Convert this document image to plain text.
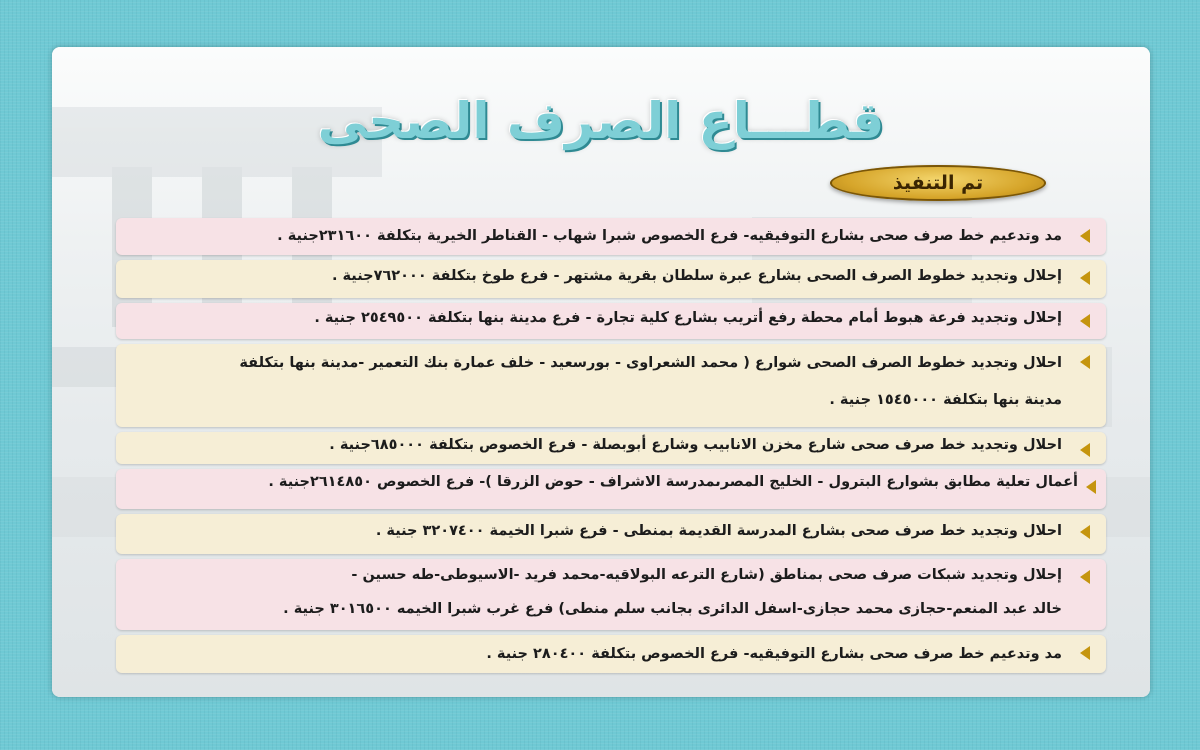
قطـــاع الصرف الصحى
تم التنفيذ
مد وتدعيم خط صرف صحى بشارع التوفيقيه- فرع الخصوص شبرا شهاب - القناطر الخيرية بتكلفة ٢٣١٦٠٠جنية .
إحلال وتجديد خطوط الصرف الصحى بشارع عبرة سلطان بقرية مشتهر - فرع طوخ بتكلفة ٧٦٢٠٠٠جنية .
إحلال وتجديد فرعة هبوط أمام محطة رفع أتريب بشارع كلية تجارة - فرع مدينة بنها بتكلفة ٢٥٤٩٥٠٠ جنية .
احلال وتجديد خطوط الصرف الصحى شوارع ( محمد الشعراوى - بورسعيد - خلف عمارة بنك التعمير -مدينة بنها بتكلفة
مدينة بنها بتكلفة ١٥٤٥٠٠٠ جنية .
احلال وتجديد خط صرف صحى شارع مخزن الانابيب وشارع أبوبصلة - فرع الخصوص بتكلفة ٦٨٥٠٠٠جنية .
أعمال تعلية مطابق بشوارع البترول - الخليج المصرىمدرسة الاشراف - حوض الزرقا )- فرع الخصوص ٢٦١٤٨٥٠جنية .
احلال وتجديد خط صرف صحى بشارع المدرسة القديمة بمنطى - فرع شبرا الخيمة ٣٢٠٧٤٠٠ جنية .
إحلال وتجديد شبكات صرف صحى بمناطق (شارع الترعه البولاقيه-محمد فريد -الاسيوطى-طه حسين -
خالد عبد المنعم-حجازى محمد حجازى-اسفل الدائرى بجانب سلم منطى) فرع غرب شبرا الخيمه ٣٠١٦٥٠٠ جنية .
مد وتدعيم خط صرف صحى بشارع التوفيقيه- فرع الخصوص بتكلفة ٢٨٠٤٠٠ جنية .
